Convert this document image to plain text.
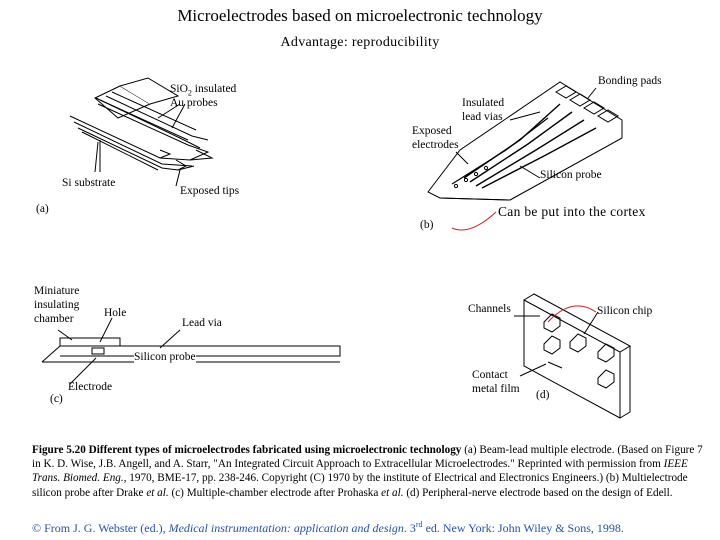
Microelectrodes based on microelectronic technology
Advantage: reproducibility
SiO$_2$ insulated
Au probes
Si substrate
Exposed tips
(a)
Bonding pads
Insulated
lead vias
Exposed
electrodes
Silicon probe
(b)
Can be put into the cortex
Miniature
insulating
chamber	Hole
Lead via
Silicon probe
Electrode
(c)
Channels	Silicon chip
Contact
metal film (d)
Figure 5.20 Different types of microelectrodes fabricated using microelectronic technology (a) Beam-lead multiple electrode. (Based on Figure 7 in K. D. Wise, J.B. Angell, and A. Starr, "An Integrated Circuit Approach to Extracellular Microelectrodes." Reprinted with permission from IEEE Trans. Biomed. Eng., 1970, BME-17, pp. 238-246. Copyright (C) 1970 by the institute of Electrical and Electronics Engineers.) (b) Multielectrode silicon probe after Drake et al. (c) Multiple-chamber electrode after Prohaska et al. (d) Peripheral-nerve electrode based on the design of Edell.
© From J. G. Webster (ed.), Medical instrumentation: application and design. 3rd ed. New York: John Wiley & Sons, 1998.
